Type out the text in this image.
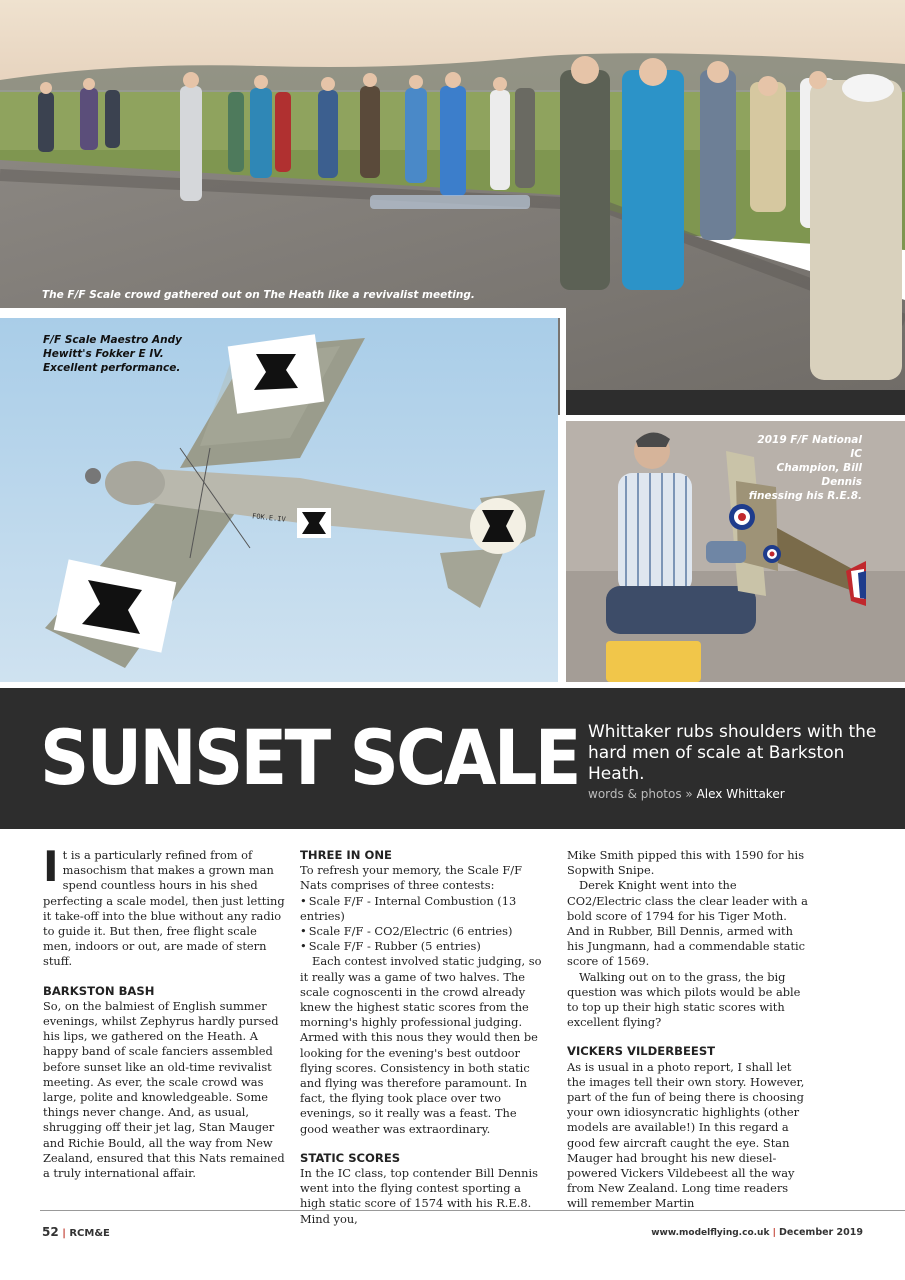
The F/F Scale crowd gathered out on The Heath like a revivalist meeting.
FOK.E.IV
F/F Scale Maestro Andy
Hewitt's Fokker E IV.
Excellent performance.
2019 F/F National IC
Champion, Bill Dennis
finessing his R.E.8.
SUNSET SCALE Whittaker rubs shoulders with the hard men of scale at Barkston Heath.
words & photos » Alex Whittaker

It is a particularly refined from of masochism that makes a grown man spend countless hours in his shed perfecting a scale model, then just letting it take-off into the blue without any radio to guide it. But then, free flight scale men, indoors or out, are made of stern stuff.

BARKSTON BASH

So, on the balmiest of English summer evenings, whilst Zephyrus hardly pursed his lips, we gathered on the Heath. A happy band of scale fanciers assembled before sunset like an old-time revivalist meeting. As ever, the scale crowd was large, polite and knowledgeable. Some things never change. And, as usual, shrugging off their jet lag, Stan Mauger and Richie Bould, all the way from New Zealand, ensured that this Nats remained a truly international affair.

THREE IN ONE

To refresh your memory, the Scale F/F Nats comprises of three contests:

• Scale F/F - Internal Combustion (13 entries)
• Scale F/F - CO2/Electric (6 entries)
• Scale F/F - Rubber (5 entries)

Each contest involved static judging, so it really was a game of two halves. The scale cognoscenti in the crowd already knew the highest static scores from the morning's highly professional judging. Armed with this nous they would then be looking for the evening's best outdoor flying scores. Consistency in both static and flying was therefore paramount. In fact, the flying took place over two evenings, so it really was a feast. The good weather was extraordinary.

STATIC SCORES

In the IC class, top contender Bill Dennis went into the flying contest sporting a high static score of 1574 with his R.E.8. Mind you,

Mike Smith pipped this with 1590 for his Sopwith Snipe.

Derek Knight went into the CO2/Electric class the clear leader with a bold score of 1794 for his Tiger Moth. And in Rubber, Bill Dennis, armed with his Jungmann, had a commendable static score of 1569.

Walking out on to the grass, the big question was which pilots would be able to top up their high static scores with excellent flying?

VICKERS VILDERBEEST

As is usual in a photo report, I shall let the images tell their own story. However, part of the fun of being there is choosing your own idiosyncratic highlights (other models are available!) In this regard a good few aircraft caught the eye. Stan Mauger had brought his new diesel-powered Vickers Vildebeest all the way from New Zealand. Long time readers will remember Martin

52 | RCM&E	www.modelflying.co.uk | December 2019
